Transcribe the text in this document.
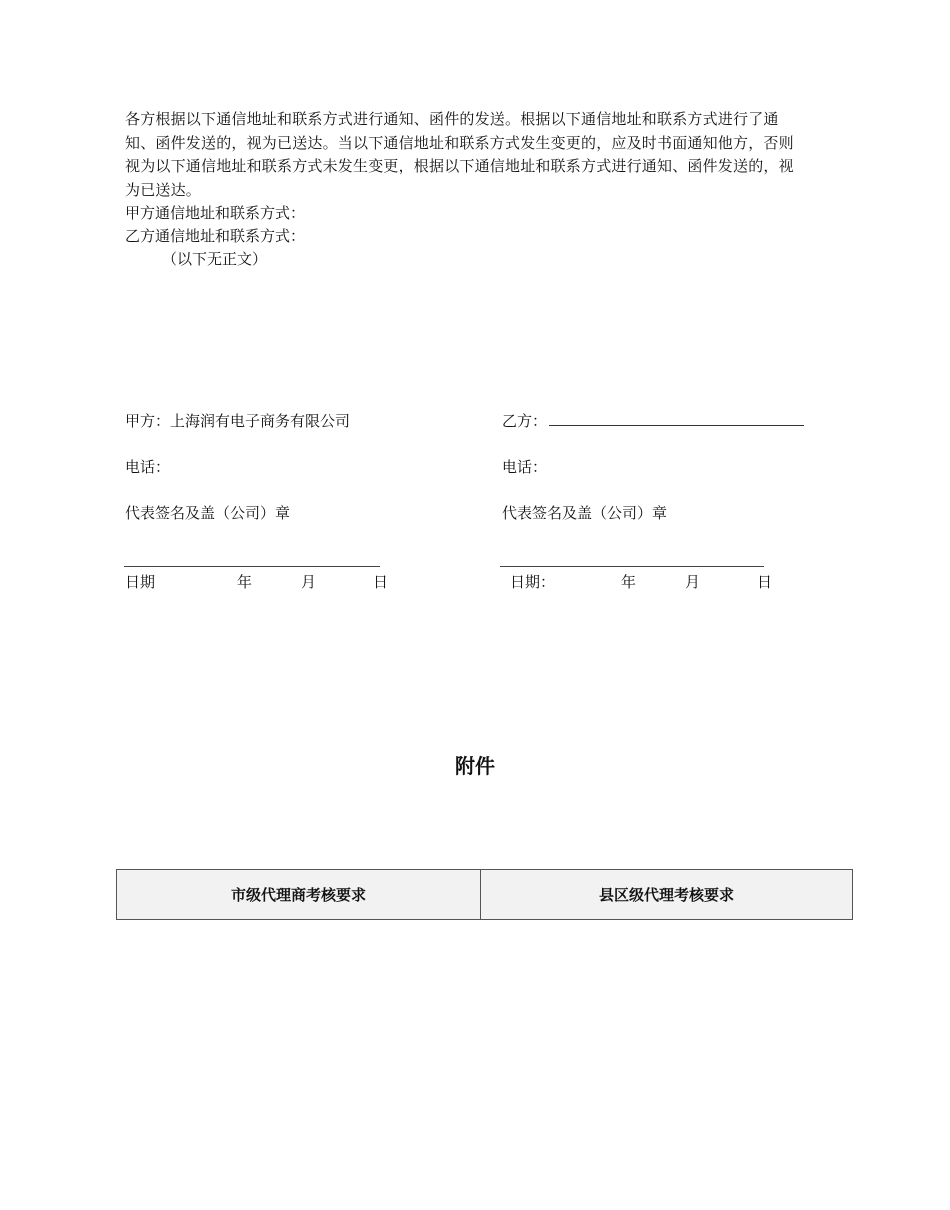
各方根据以下通信地址和联系方式进行通知、函件的发送。根据以下通信地址和联系方式进行了通知、函件发送的，视为已送达。当以下通信地址和联系方式发生变更的，应及时书面通知他方，否则视为以下通信地址和联系方式未发生变更，根据以下通信地址和联系方式进行通知、函件发送的，视为已送达。

甲方通信地址和联系方式：
乙方通信地址和联系方式：
（以下无正文）
甲方：上海润有电子商务有限公司
电话：
代表签名及盖（公司）章
日期	年	月	日
乙方：
电话：
代表签名及盖（公司）章
日期：	年	月	日
附件
市级代理商考核要求	县区级代理考核要求
